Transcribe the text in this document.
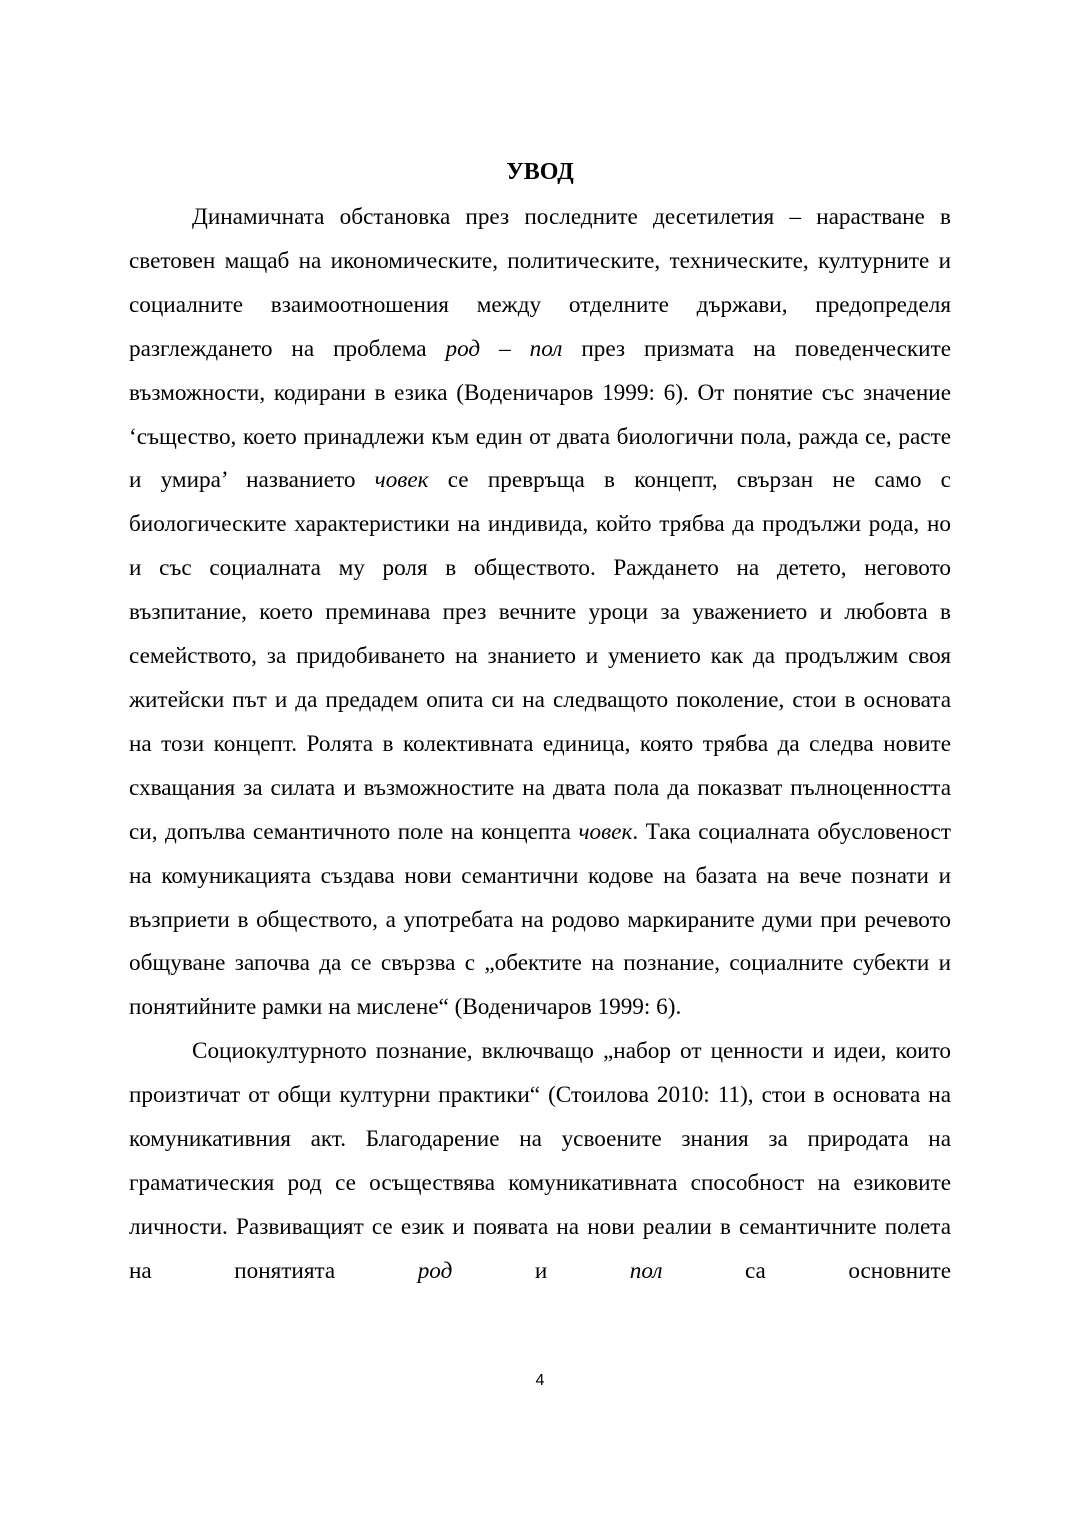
УВОД

Динамичната обстановка през последните десетилетия – нарастване в световен мащаб на икономическите, политическите, техническите, културните и социалните взаимоотношения между отделните държави, предопределя разглеждането на проблема род – пол през призмата на поведенческите възможности, кодирани в езика (Воденичаров 1999: 6). От понятие със значение ‘същество, което принадлежи към един от двата биологични пола, ражда се, расте и умира’ названието човек се превръща в концепт, свързан не само с биологическите характеристики на индивида, който трябва да продължи рода, но и със социалната му роля в обществото. Раждането на детето, неговото възпитание, което преминава през вечните уроци за уважението и любовта в семейството, за придобиването на знанието и умението как да продължим своя житейски път и да предадем опита си на следващото поколение, стои в основата на този концепт. Ролята в колективната единица, която трябва да следва новите схващания за силата и възможностите на двата пола да показват пълноценността си, допълва семантичното поле на концепта човек. Така социалната обусловеност на комуникацията създава нови семантични кодове на базата на вече познати и възприети в обществото, а употребата на родово маркираните думи при речевото общуване започва да се свързва с „обектите на познание, социалните субекти и понятийните рамки на мислене“ (Воденичаров 1999: 6).

Социокултурното познание, включващо „набор от ценности и идеи, които произтичат от общи културни практики“ (Стоилова 2010: 11), стои в основата на комуникативния акт. Благодарение на усвоените знания за природата на граматическия род се осъществява комуникативната способност на езиковите личности. Развиващият се език и появата на нови реалии в семантичните полета на понятията род и пол са основните

4
